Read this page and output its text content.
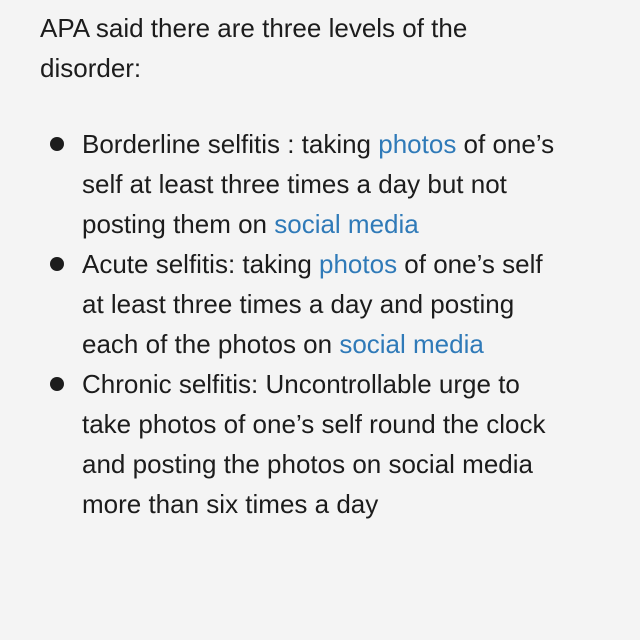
APA said there are three levels of the disorder:

Borderline selfitis : taking photos of one’s self at least three times a day but not posting them on social media
Acute selfitis: taking photos of one’s self at least three times a day and posting each of the photos on social media
Chronic selfitis: Uncontrollable urge to take photos of one’s self round the clock and posting the photos on social media more than six times a day
